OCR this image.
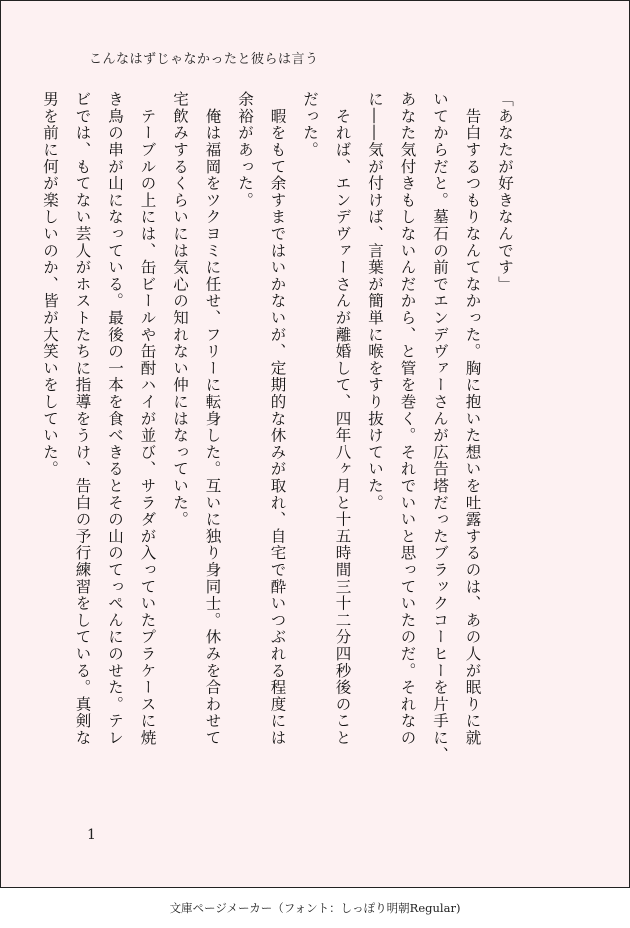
こんなはずじゃなかったと彼らは言う

「あなたが好きなんです」

　告白するつもりなんてなかった。胸に抱いた想いを吐露するのは、あの人が眠りに就

いてからだと。墓石の前でエンデヴァーさんが広告塔だったブラックコーヒーを片手に、

あなた気付きもしないんだから、と管を巻く。それでいいと思っていたのだ。それなの

に――気が付けば、言葉が簡単に喉をすり抜けていた。

　それば、エンデヴァーさんが離婚して、四年八ヶ月と十五時間三十二分四秒後のこと

だった。

　暇をもて余すまではいかないが、定期的な休みが取れ、自宅で酔いつぶれる程度には

余裕があった。

　俺は福岡をツクヨミに任せ、フリーに転身した。互いに独り身同士。休みを合わせて

宅飲みするくらいには気心の知れない仲にはなっていた。

　テーブルの上には、缶ビールや缶酎ハイが並び、サラダが入っていたプラケースに焼

き鳥の串が山になっている。最後の一本を食べきるとその山のてっぺんにのせた。テレ

ビでは、もてない芸人がホストたちに指導をうけ、告白の予行練習をしている。真剣な

男を前に何が楽しいのか、皆が大笑いをしていた。

1
文庫ページメーカー（フォント：しっぽり明朝Regular)
